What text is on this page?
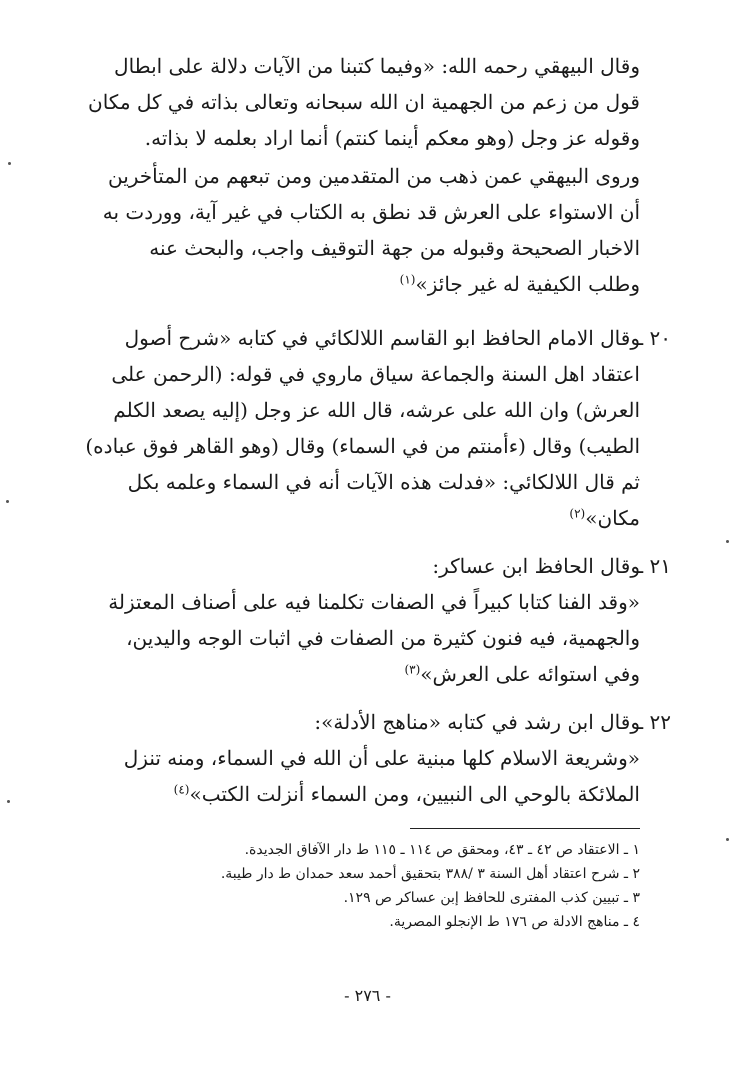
وقال البيهقي رحمه الله: «وفيما كتبنا من الآيات دلالة على ابطال
قول من زعم من الجهمية ان الله سبحانه وتعالى بذاته في كل مكان
وقوله عز وجل (وهو معكم أينما كنتم) أنما اراد بعلمه لا بذاته.
وروى البيهقي عمن ذهب من المتقدمين ومن تبعهم من المتأخرين
أن الاستواء على العرش قد نطق به الكتاب في غير آية، ووردت به
الاخبار الصحيحة وقبوله من جهة التوقيف واجب، والبحث عنه
وطلب الكيفية له غير جائز»$^{(١)}$
٢٠ ـ
وقال الامام الحافظ ابو القاسم اللالكائي في كتابه «شرح أصول
اعتقاد اهل السنة والجماعة سياق ماروي في قوله: (الرحمن على
العرش) وان الله على عرشه، قال الله عز وجل (إليه يصعد الكلم
الطيب) وقال (ءأمنتم من في السماء) وقال (وهو القاهر فوق عباده)
ثم قال اللالكائي: «فدلت هذه الآيات أنه في السماء وعلمه بكل
مكان»$^{(٢)}$
٢١ ـ
وقال الحافظ ابن عساكر:
«وقد الفنا كتابا كبيراً في الصفات تكلمنا فيه على أصناف المعتزلة
والجهمية، فيه فنون كثيرة من الصفات في اثبات الوجه واليدين،
وفي استوائه على العرش»$^{(٣)}$
٢٢ ـ
وقال ابن رشد في كتابه «مناهج الأدلة»:
«وشريعة الاسلام كلها مبنية على أن الله في السماء، ومنه تنزل
الملائكة بالوحي الى النبيين، ومن السماء أنزلت الكتب»$^{(٤)}$
١ ـ الاعتقاد ص ٤٢ ـ ٤٣، ومحقق ص ١١٤ ـ ١١٥ ط دار الآفاق الجديدة.
٢ ـ شرح اعتقاد أهل السنة ٣ /٣٨٨ بتحقيق أحمد سعد حمدان ط دار طيبة.
٣ ـ تبيين كذب المفترى للحافظ إبن عساكر ص ١٢٩.
٤ ـ مناهج الادلة ص ١٧٦ ط الإنجلو المصرية.
- ٢٧٦ -
